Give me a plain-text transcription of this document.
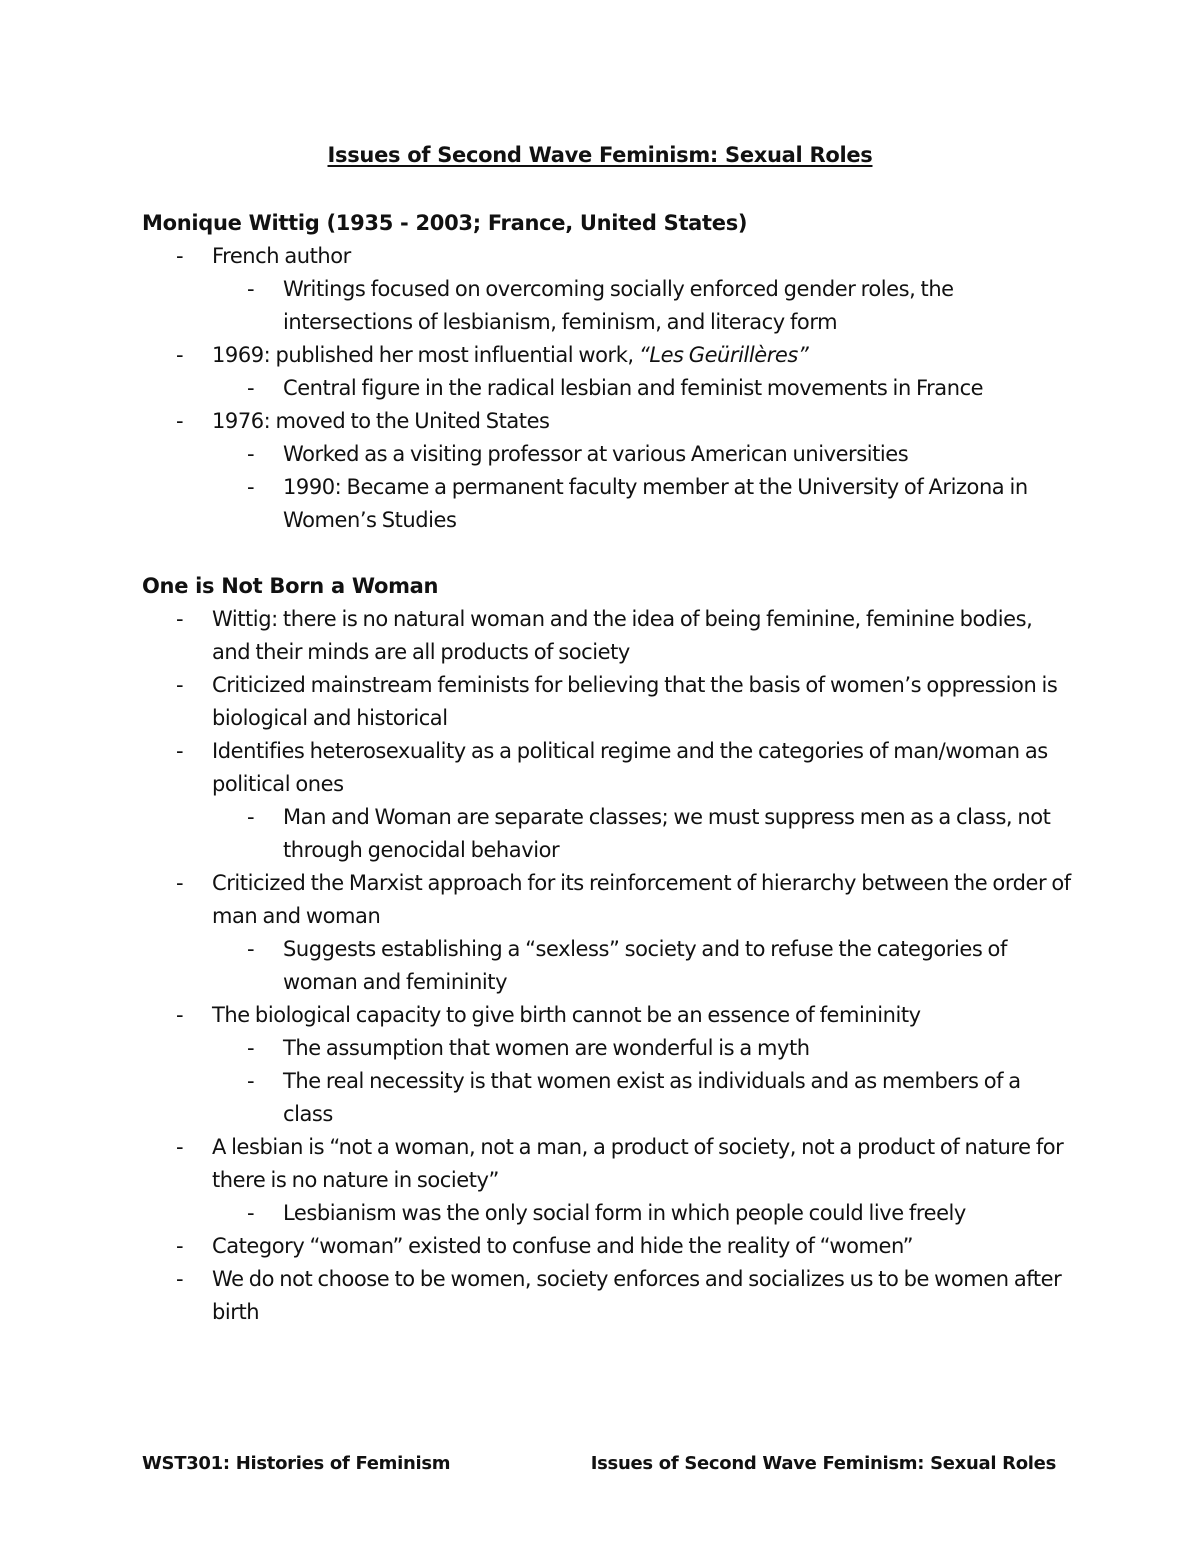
Issues of Second Wave Feminism: Sexual Roles
Monique Wittig (1935 - 2003; France, United States)
- French author
- Writings focused on overcoming socially enforced gender roles, the intersections of lesbianism, feminism, and literacy form
- 1969: published her most influential work, “Les Geürillères”
- Central figure in the radical lesbian and feminist movements in France
- 1976: moved to the United States
- Worked as a visiting professor at various American universities
- 1990: Became a permanent faculty member at the University of Arizona in Women’s Studies
One is Not Born a Woman
- Wittig: there is no natural woman and the idea of being feminine, feminine bodies, and their minds are all products of society
- Criticized mainstream feminists for believing that the basis of women’s oppression is biological and historical
- Identifies heterosexuality as a political regime and the categories of man/woman as political ones
- Man and Woman are separate classes; we must suppress men as a class, not through genocidal behavior
- Criticized the Marxist approach for its reinforcement of hierarchy between the order of man and woman
- Suggests establishing a “sexless” society and to refuse the categories of woman and femininity
- The biological capacity to give birth cannot be an essence of femininity
- The assumption that women are wonderful is a myth
- The real necessity is that women exist as individuals and as members of a class
- A lesbian is “not a woman, not a man, a product of society, not a product of nature for there is no nature in society”
- Lesbianism was the only social form in which people could live freely
- Category “woman” existed to confuse and hide the reality of “women”
- We do not choose to be women, society enforces and socializes us to be women after birth
WST301: Histories of Feminism	Issues of Second Wave Feminism: Sexual Roles
